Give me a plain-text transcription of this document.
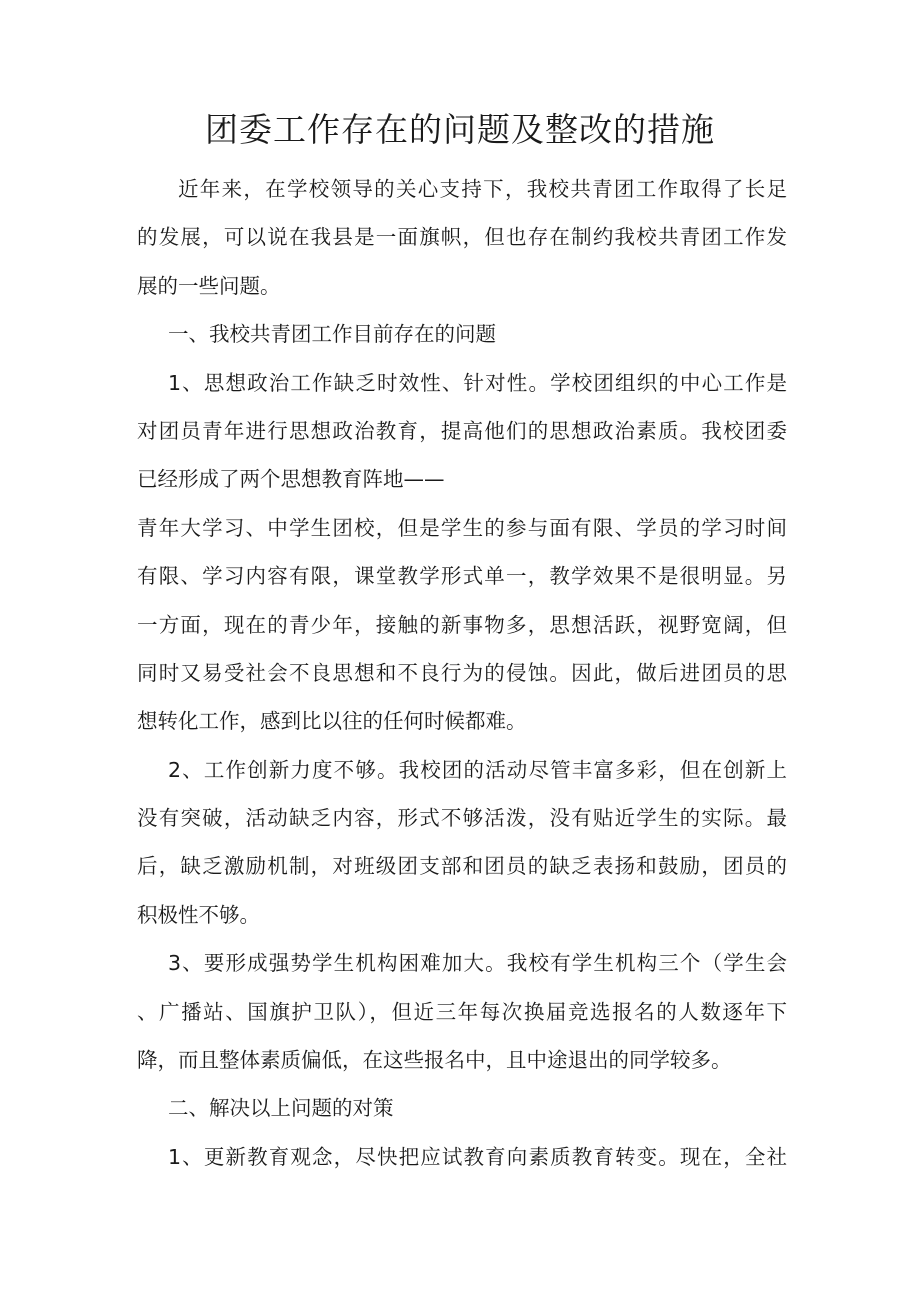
团委工作存在的问题及整改的措施
近年来，在学校领导的关心支持下，我校共青团工作取得了长足
的发展，可以说在我县是一面旗帜，但也存在制约我校共青团工作发
展的一些问题。
一、我校共青团工作目前存在的问题
1、思想政治工作缺乏时效性、针对性。学校团组织的中心工作是
对团员青年进行思想政治教育，提高他们的思想政治素质。我校团委
已经形成了两个思想教育阵地——
青年大学习、中学生团校，但是学生的参与面有限、学员的学习时间
有限、学习内容有限，课堂教学形式单一，教学效果不是很明显。另
一方面，现在的青少年，接触的新事物多，思想活跃，视野宽阔，但
同时又易受社会不良思想和不良行为的侵蚀。因此，做后进团员的思
想转化工作，感到比以往的任何时候都难。
2、工作创新力度不够。我校团的活动尽管丰富多彩，但在创新上
没有突破，活动缺乏内容，形式不够活泼，没有贴近学生的实际。最
后，缺乏激励机制，对班级团支部和团员的缺乏表扬和鼓励，团员的
积极性不够。
3、要形成强势学生机构困难加大。我校有学生机构三个（学生会
、广播站、国旗护卫队），但近三年每次换届竞选报名的人数逐年下
降，而且整体素质偏低，在这些报名中，且中途退出的同学较多。
二、解决以上问题的对策
1、更新教育观念，尽快把应试教育向素质教育转变。现在，全社
